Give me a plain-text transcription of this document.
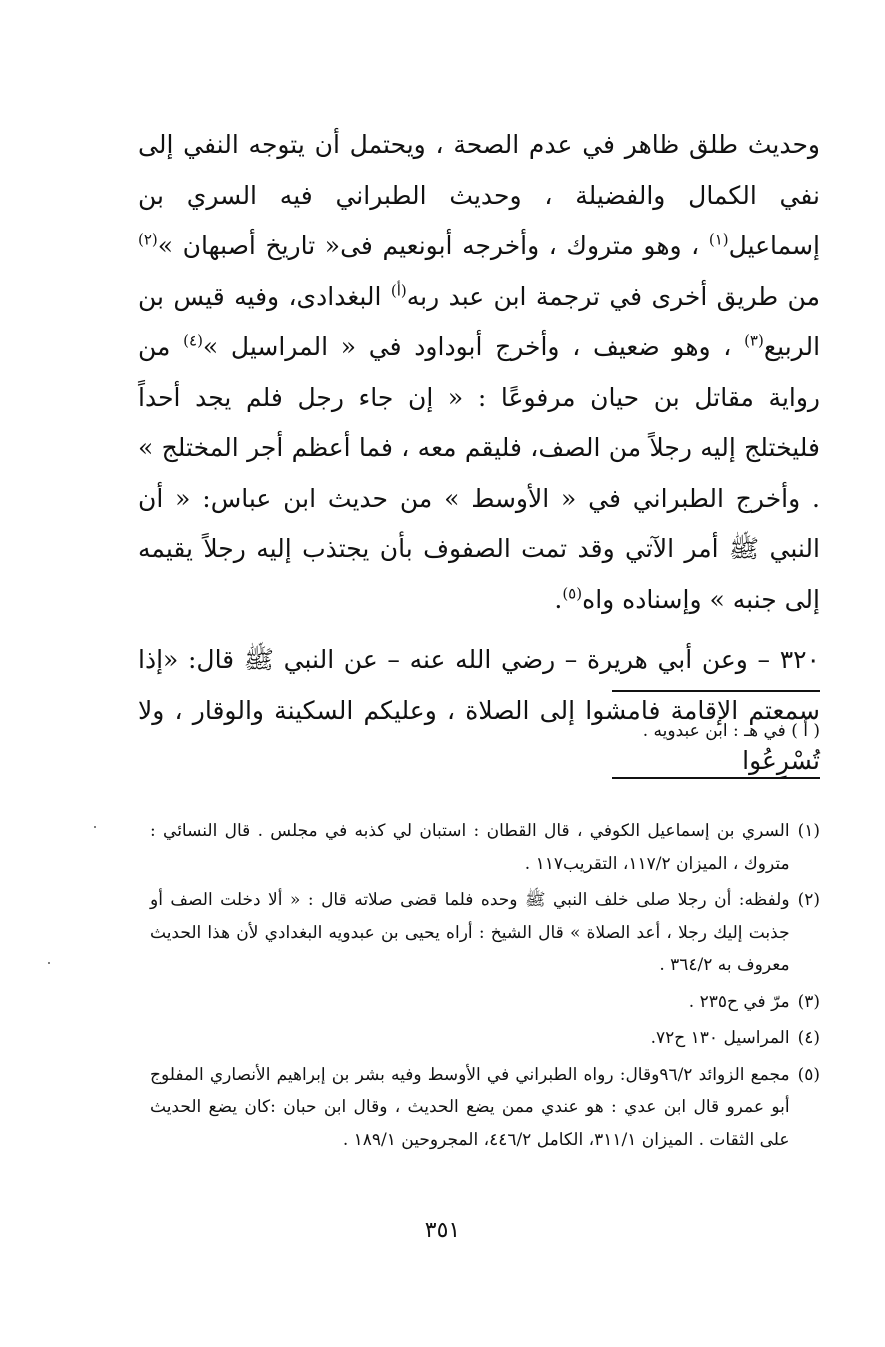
وحديث طلق ظاهر في عدم الصحة ، ويحتمل أن يتوجه النفي إلى نفي الكمال والفضيلة ، وحديث الطبراني فيه السري بن إسماعيل$^{(١)}$ ، وهو متروك ، وأخرجه أبونعيم فى« تاريخ أصبهان »$^{(٢)}$ من طريق أخرى في ترجمة ابن عبد ربه$^{(أ)}$ البغدادى، وفيه قيس بن الربيع$^{(٣)}$ ، وهو ضعيف ، وأخرج أبوداود في « المراسيل »$^{(٤)}$ من رواية مقاتل بن حيان مرفوعًا : « إن جاء رجل فلم يجد أحداً فليختلج إليه رجلاً من الصف، فليقم معه ، فما أعظم أجر المختلج » . وأخرج الطبراني في « الأوسط » من حديث ابن عباس: « أن النبي ﷺ أمر الآتي وقد تمت الصفوف بأن يجتذب إليه رجلاً يقيمه إلى جنبه » وإسناده واه$^{(٥)}$.

٣٢٠ – وعن أبي هريرة – رضي الله عنه – عن النبي ﷺ قال: «إذا سمعتم الإقامة فامشوا إلى الصلاة ، وعليكم السكينة والوقار ، ولا تُسْرِعُوا

( أ ) في هـ : ابن عبدويه .
(١)
السري بن إسماعيل الكوفي ، قال القطان : استبان لي كذبه في مجلس . قال النسائي : متروك ، الميزان ١١٧/٢، التقريب١١٧ .
(٢)
ولفظه: أن رجلا صلى خلف النبي ﷺ وحده فلما قضى صلاته قال : « ألا دخلت الصف أو جذبت إليك رجلا ، أعد الصلاة » قال الشيخ : أراه يحيى بن عبدويه البغدادي لأن هذا الحديث معروف به ٣٦٤/٢ .
(٣)
مرّ في ح٢٣٥ .
(٤)
المراسيل ١٣٠ ح٧٢.
(٥)
مجمع الزوائد ٩٦/٢وقال: رواه الطبراني في الأوسط وفيه بشر بن إبراهيم الأنصاري المفلوج أبو عمرو قال ابن عدي : هو عندي ممن يضع الحديث ، وقال ابن حبان :كان يضع الحديث على الثقات . الميزان ٣١١/١، الكامل ٤٤٦/٢، المجروحين ١٨٩/١ .
٣٥١
